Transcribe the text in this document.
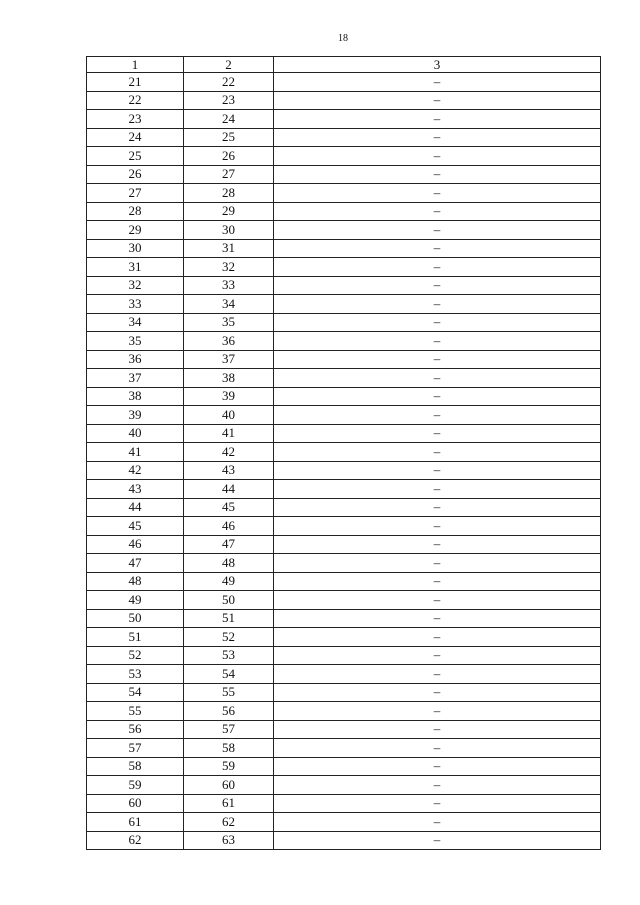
18
1	2	3
21	22	–
22	23	–
23	24	–
24	25	–
25	26	–
26	27	–
27	28	–
28	29	–
29	30	–
30	31	–
31	32	–
32	33	–
33	34	–
34	35	–
35	36	–
36	37	–
37	38	–
38	39	–
39	40	–
40	41	–
41	42	–
42	43	–
43	44	–
44	45	–
45	46	–
46	47	–
47	48	–
48	49	–
49	50	–
50	51	–
51	52	–
52	53	–
53	54	–
54	55	–
55	56	–
56	57	–
57	58	–
58	59	–
59	60	–
60	61	–
61	62	–
62	63	–
